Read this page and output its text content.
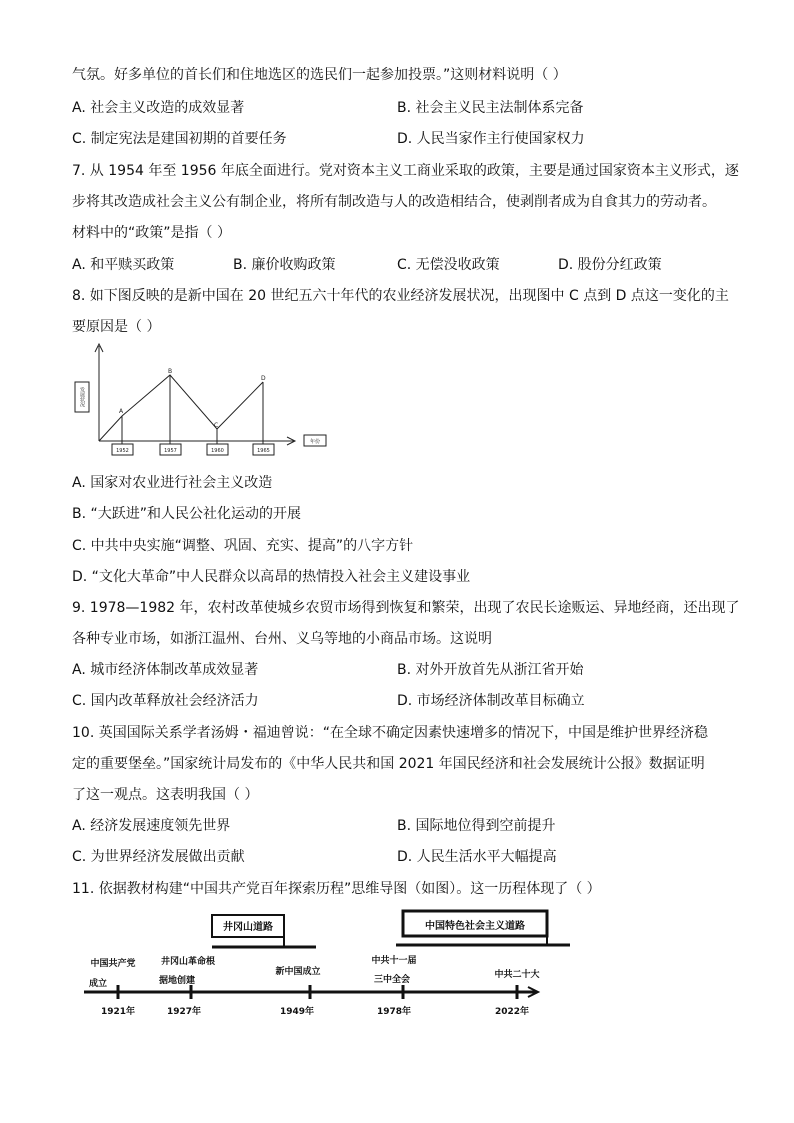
气氛。好多单位的首长们和住地选区的选民们一起参加投票。”这则材料说明（ ）
A. 社会主义改造的成效显著	B. 社会主义民主法制体系完备
C. 制定宪法是建国初期的首要任务	D. 人民当家作主行使国家权力
7. 从 1954 年至 1956 年底全面进行。党对资本主义工商业采取的政策，主要是通过国家资本主义形式，逐
步将其改造成社会主义公有制企业，将所有制改造与人的改造相结合，使剥削者成为自食其力的劳动者。
材料中的“政策”是指（ ）
A. 和平赎买政策	B. 廉价收购政策	C. 无偿没收政策	D. 股份分红政策
8. 如下图反映的是新中国在 20 世纪五六十年代的农业经济发展状况，出现图中 C 点到 D 点这一变化的主
要原因是（ ）
发展状况
年份
A
B
C
D
1952	1957	1960	1965
A. 国家对农业进行社会主义改造
B. “大跃进”和人民公社化运动的开展
C. 中共中央实施“调整、巩固、充实、提高”的八字方针
D. “文化大革命”中人民群众以高昂的热情投入社会主义建设事业
9. 1978—1982 年，农村改革使城乡农贸市场得到恢复和繁荣，出现了农民长途贩运、异地经商，还出现了
各种专业市场，如浙江温州、台州、义乌等地的小商品市场。这说明
A. 城市经济体制改革成效显著	B. 对外开放首先从浙江省开始
C. 国内改革释放社会经济活力	D. 市场经济体制改革目标确立
10. 英国国际关系学者汤姆・福迪曾说：“在全球不确定因素快速增多的情况下，中国是维护世界经济稳
定的重要堡垒。”国家统计局发布的《中华人民共和国 2021 年国民经济和社会发展统计公报》数据证明
了这一观点。这表明我国（ ）
A. 经济发展速度领先世界	B. 国际地位得到空前提升
C. 为世界经济发展做出贡献	D. 人民生活水平大幅提高
11. 依据教材构建“中国共产党百年探索历程”思维导图（如图）。这一历程体现了（ ）
井冈山道路	中国特色社会主义道路
中国共产党
成立
1921年
井冈山革命根
据地创建
1927年
新中国成立
1949年
中共十一届
三中全会
1978年
中共二十大
2022年
